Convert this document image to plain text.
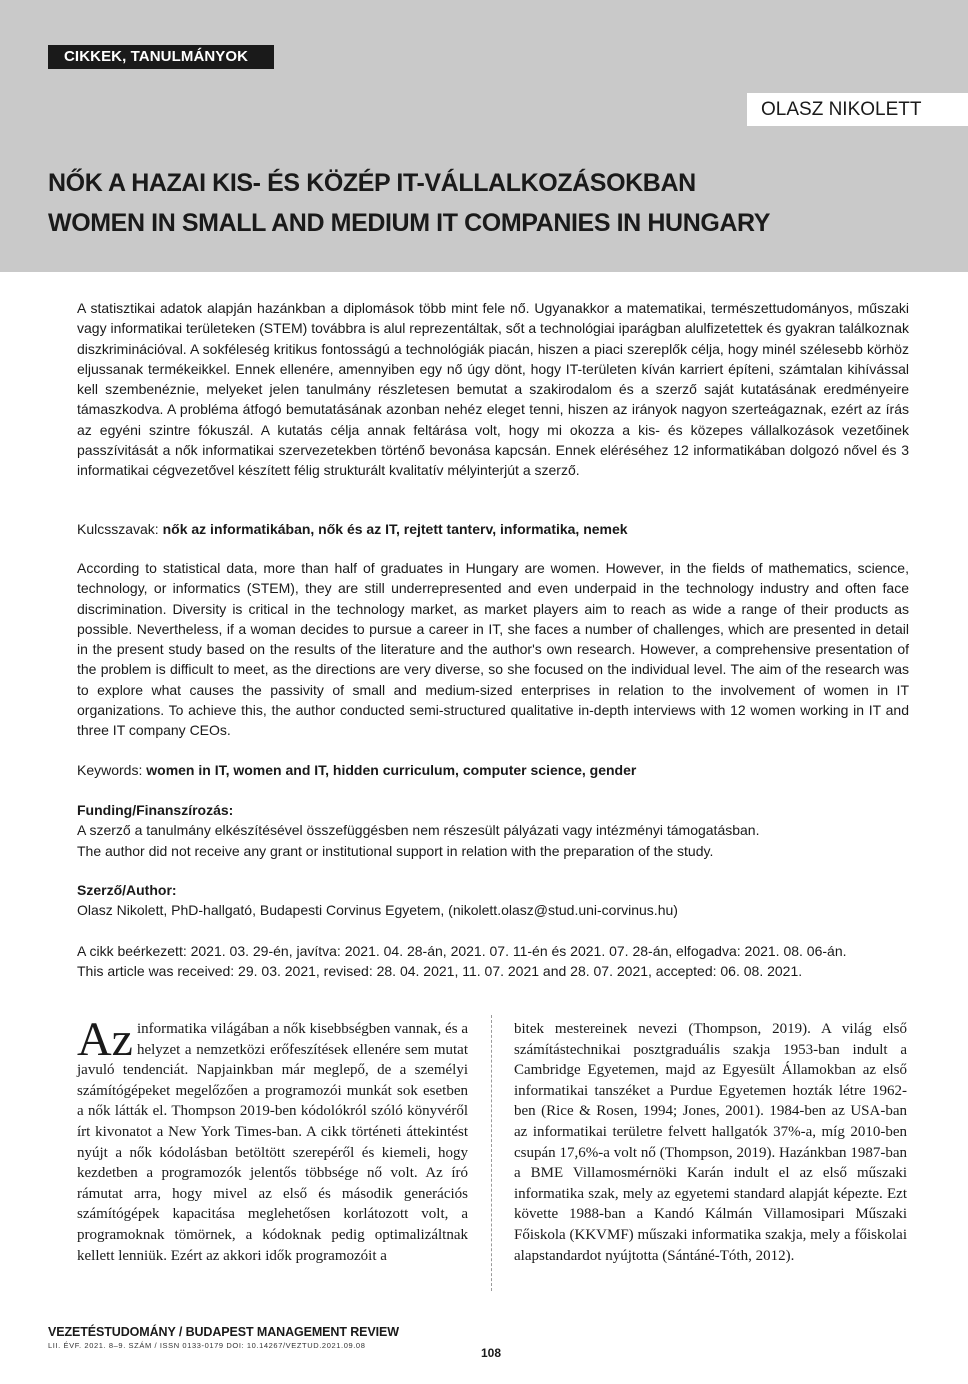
CIKKEK, TANULMÁNYOK
OLASZ NIKOLETT
NŐK A HAZAI KIS- ÉS KÖZÉP IT-VÁLLALKOZÁSOKBAN
WOMEN IN SMALL AND MEDIUM IT COMPANIES IN HUNGARY

A statisztikai adatok alapján hazánkban a diplomások több mint fele nő. Ugyanakkor a matematikai, természettudományos, műszaki vagy informatikai területeken (STEM) továbbra is alul reprezentáltak, sőt a technológiai iparágban alulfizetettek és gyakran találkoznak diszkriminációval. A sokféleség kritikus fontosságú a technológiák piacán, hiszen a piaci szereplők célja, hogy minél szélesebb körhöz eljussanak termékeikkel. Ennek ellenére, amennyiben egy nő úgy dönt, hogy IT-területen kíván karriert építeni, számtalan kihívással kell szembenéznie, melyeket jelen tanulmány részletesen bemutat a szakirodalom és a szerző saját kutatásának eredményeire támaszkodva. A probléma átfogó bemutatásának azonban nehéz eleget tenni, hiszen az irányok nagyon szerteágaznak, ezért az írás az egyéni szintre fókuszál. A kutatás célja annak feltárása volt, hogy mi okozza a kis- és közepes vállalkozások vezetőinek passzívitását a nők informatikai szervezetekben történő bevonása kapcsán. Ennek eléréséhez 12 informatikában dolgozó nővel és 3 informatikai cégvezetővel készített félig strukturált kvalitatív mélyinterjút a szerző.

Kulcsszavak: nők az informatikában, nők és az IT, rejtett tanterv, informatika, nemek

According to statistical data, more than half of graduates in Hungary are women. However, in the fields of mathematics, science, technology, or informatics (STEM), they are still underrepresented and even underpaid in the technology industry and often face discrimination. Diversity is critical in the technology market, as market players aim to reach as wide a range of their products as possible. Nevertheless, if a woman decides to pursue a career in IT, she faces a number of challenges, which are presented in detail in the present study based on the results of the literature and the author's own research. However, a comprehensive presentation of the problem is difficult to meet, as the directions are very diverse, so she focused on the individual level. The aim of the research was to explore what causes the passivity of small and medium-sized enterprises in relation to the involvement of women in IT organizations. To achieve this, the author conducted semi-structured qualitative in-depth interviews with 12 women working in IT and three IT company CEOs.

Keywords: women in IT, women and IT, hidden curriculum, computer science, gender

Funding/Finanszírozás:
A szerző a tanulmány elkészítésével összefüggésben nem részesült pályázati vagy intézményi támogatásban.
The author did not receive any grant or institutional support in relation with the preparation of the study.
Szerző/Author:
Olasz Nikolett, PhD-hallgató, Budapesti Corvinus Egyetem, (nikolett.olasz@stud.uni-corvinus.hu)
A cikk beérkezett: 2021. 03. 29-én, javítva: 2021. 04. 28-án, 2021. 07. 11-én és 2021. 07. 28-án, elfogadva: 2021. 08. 06-án.
This article was received: 29. 03. 2021, revised: 28. 04. 2021, 11. 07. 2021 and 28. 07. 2021, accepted: 06. 08. 2021.

Az informatika világában a nők kisebbségben vannak, és a helyzet a nemzetközi erőfeszítések ellenére sem mutat javuló tendenciát. Napjainkban már meglepő, de a személyi számítógépeket megelőzően a programozói munkát sok esetben a nők látták el. Thompson 2019-ben kódolókról szóló könyvéről írt kivonatot a New York Times-ban. A cikk történeti áttekintést nyújt a nők kódolásban betöltött szerepéről és kiemeli, hogy kezdetben a programozók jelentős többsége nő volt. Az író rámutat arra, hogy mivel az első és második generációs számítógépek kapacitása meglehetősen korlátozott volt, a programoknak tömörnek, a kódoknak pedig optimalizáltnak kellett lenniük. Ezért az akkori idők programozóit a

bitek mestereinek nevezi (Thompson, 2019). A világ első számítástechnikai posztgraduális szakja 1953-ban indult a Cambridge Egyetemen, majd az Egyesült Államokban az első informatikai tanszéket a Purdue Egyetemen hozták létre 1962-ben (Rice & Rosen, 1994; Jones, 2001). 1984-ben az USA-ban az informatikai területre felvett hallgatók 37%-a, míg 2010-ben csupán 17,6%-a volt nő (Thompson, 2019). Hazánkban 1987-ban a BME Villamosmérnöki Karán indult el az első műszaki informatika szak, mely az egyetemi standard alapját képezte. Ezt követte 1988-ban a Kandó Kálmán Villamosipari Műszaki Főiskola (KKVMF) műszaki informatika szakja, mely a főiskolai alapstandardot nyújtotta (Sántáné-Tóth, 2012).

VEZETÉSTUDOMÁNY / BUDAPEST MANAGEMENT REVIEW
LII. ÉVF. 2021. 8–9. SZÁM / ISSN 0133-0179 DOI: 10.14267/VEZTUD.2021.09.08
108
